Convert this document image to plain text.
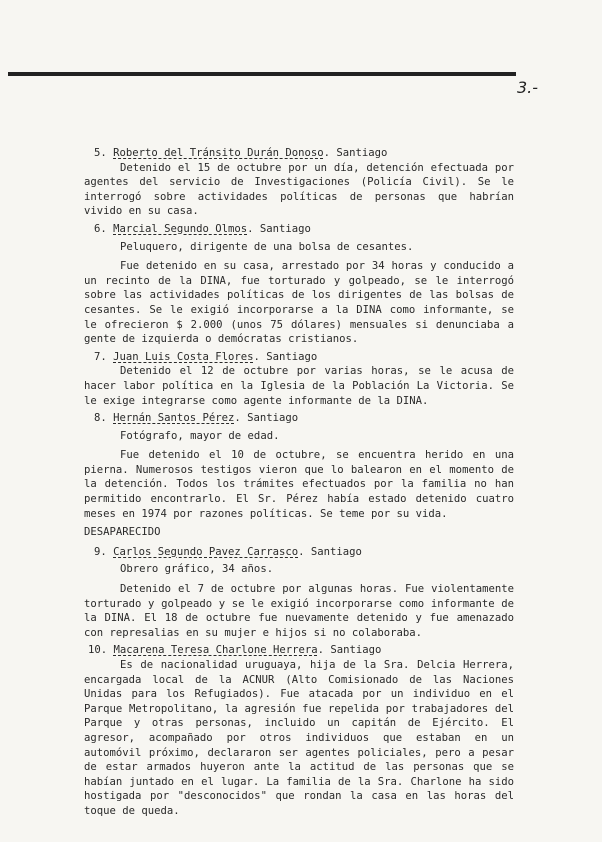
3.-
5. Roberto del Tránsito Durán Donoso. Santiago
Detenido el 15 de octubre por un día, detención efectuada por agentes del servicio de Investigaciones (Policía Civil). Se le interrogó sobre actividades políticas de personas que habrían vivido en su casa.
6. Marcial Segundo Olmos. Santiago
Peluquero, dirigente de una bolsa de cesantes.
Fue detenido en su casa, arrestado por 34 horas y conducido a un recinto de la DINA, fue torturado y golpeado, se le interrogó sobre las actividades políticas de los dirigentes de las bolsas de cesantes. Se le exigió incorporarse a la DINA como informante, se le ofrecieron $ 2.000 (unos 75 dólares) mensuales si denunciaba a gente de izquierda o demócratas cristianos.
7. Juan Luis Costa Flores. Santiago
Detenido el 12 de octubre por varias horas, se le acusa de hacer labor política en la Iglesia de la Población La Victoria. Se le exige integrarse como agente informante de la DINA.
8. Hernán Santos Pérez. Santiago
Fotógrafo, mayor de edad.
Fue detenido el 10 de octubre, se encuentra herido en una pierna. Numerosos testigos vieron que lo balearon en el momento de la detención. Todos los trámites efectuados por la familia no han permitido encontrarlo. El Sr. Pérez había estado detenido cuatro meses en 1974 por razones políticas. Se teme por su vida.
DESAPARECIDO
9. Carlos Segundo Pavez Carrasco. Santiago
Obrero gráfico, 34 años.
Detenido el 7 de octubre por algunas horas. Fue violentamente torturado y golpeado y se le exigió incorporarse como informante de la DINA. El 18 de octubre fue nuevamente detenido y fue amenazado con represalias en su mujer e hijos si no colaboraba.
10. Macarena Teresa Charlone Herrera. Santiago
Es de nacionalidad uruguaya, hija de la Sra. Delcia Herrera, encargada local de la ACNUR (Alto Comisionado de las Naciones Unidas para los Refugiados). Fue atacada por un individuo en el Parque Metropolitano, la agresión fue repelida por trabajadores del Parque y otras personas, incluido un capitán de Ejército. El agresor, acompañado por otros individuos que estaban en un automóvil próximo, declararon ser agentes policiales, pero a pesar de estar armados huyeron ante la actitud de las personas que se habían juntado en el lugar. La familia de la Sra. Charlone ha sido hostigada por "desconocidos" que rondan la casa en las horas del toque de queda.
